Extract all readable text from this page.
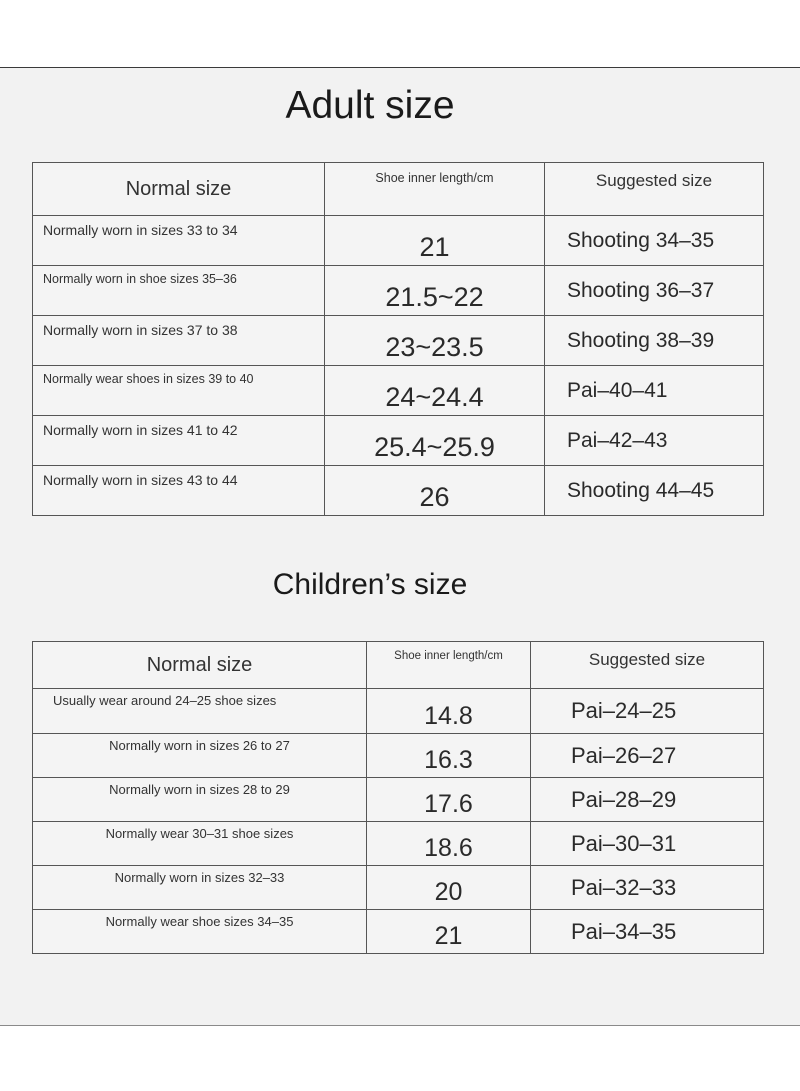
Adult size
Normal size	Shoe inner length/cm	Suggested size
Normally worn in sizes 33 to 34	21	Shooting 34–35
Normally worn in shoe sizes 35–36	21.5~22	Shooting 36–37
Normally worn in sizes 37 to 38	23~23.5	Shooting 38–39
Normally wear shoes in sizes 39 to 40	24~24.4	Pai–40–41
Normally worn in sizes 41 to 42	25.4~25.9	Pai–42–43
Normally worn in sizes 43 to 44	26	Shooting 44–45
Children’s size
Normal size	Shoe inner length/cm	Suggested size
Usually wear around 24–25 shoe sizes	14.8	Pai–24–25
Normally worn in sizes 26 to 27	16.3	Pai–26–27
Normally worn in sizes 28 to 29	17.6	Pai–28–29
Normally wear 30–31 shoe sizes	18.6	Pai–30–31
Normally worn in sizes 32–33	20	Pai–32–33
Normally wear shoe sizes 34–35	21	Pai–34–35
